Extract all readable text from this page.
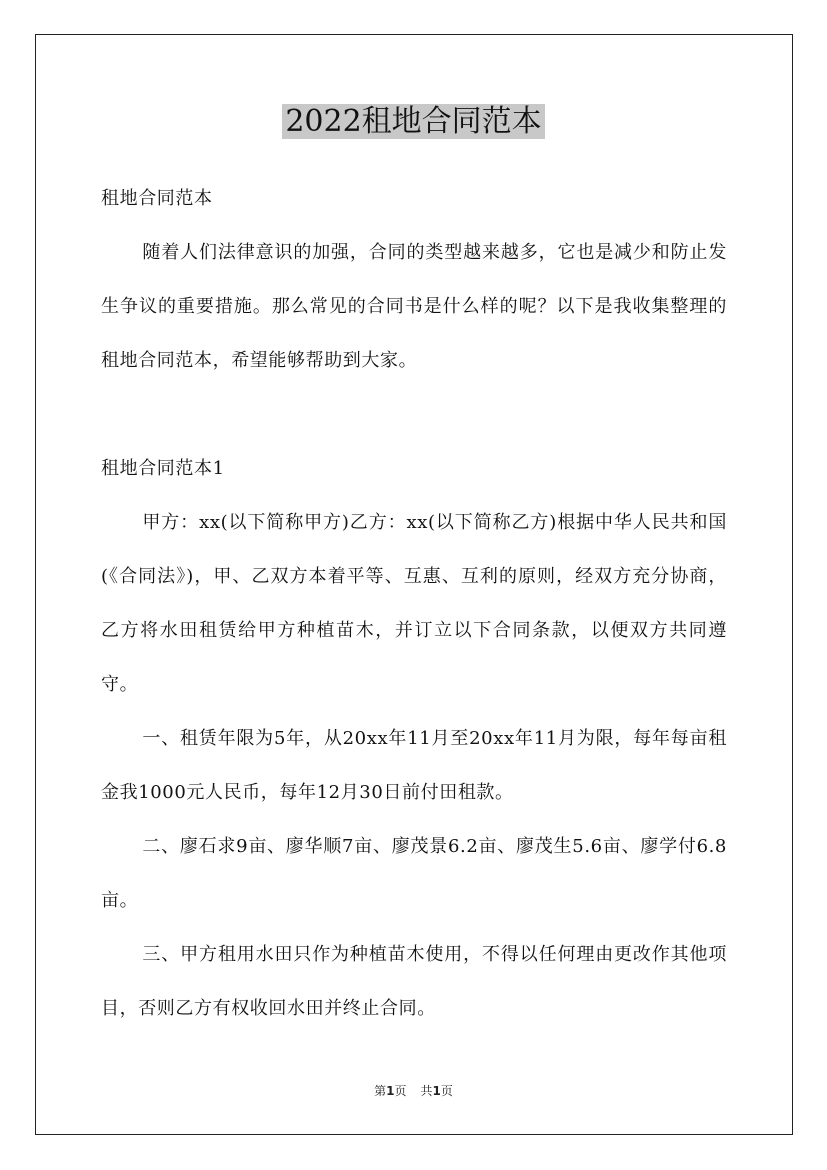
2022租地合同范本

租地合同范本

随着人们法律意识的加强，合同的类型越来越多，它也是减少和防止发生争议的重要措施。那么常见的合同书是什么样的呢？以下是我收集整理的租地合同范本，希望能够帮助到大家。

租地合同范本1

甲方：xx(以下简称甲方)乙方：xx(以下简称乙方)根据中华人民共和国(《合同法》)，甲、乙双方本着平等、互惠、互利的原则，经双方充分协商，乙方将水田租赁给甲方种植苗木，并订立以下合同条款，以便双方共同遵守。

一、租赁年限为5年，从20xx年11月至20xx年11月为限，每年每亩租金我1000元人民币，每年12月30日前付田租款。

二、廖石求9亩、廖华顺7亩、廖茂景6.2亩、廖茂生5.6亩、廖学付6.8亩。

三、甲方租用水田只作为种植苗木使用，不得以任何理由更改作其他项目，否则乙方有权收回水田并终止合同。

第1页 共1页
